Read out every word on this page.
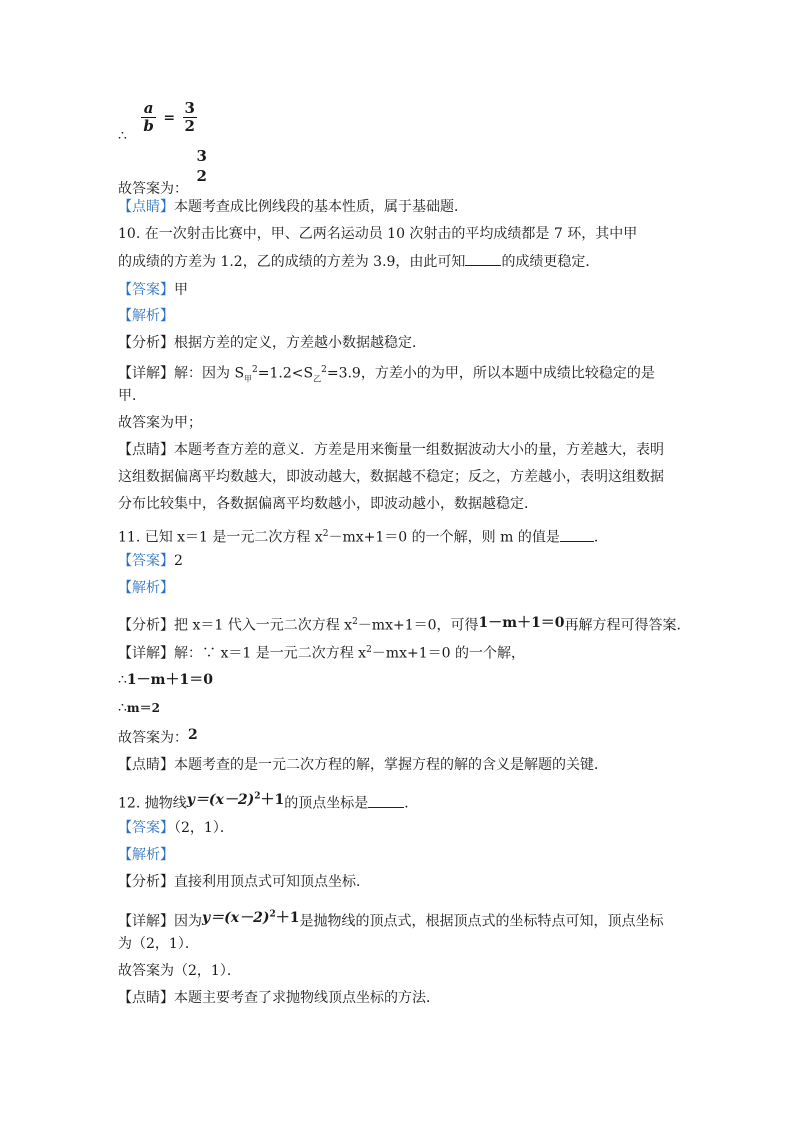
∴
$\frac{a}{b} = \frac{3}{2}$
故答案为：
3
2
【点睛】本题考查成比例线段的基本性质，属于基础题．
10. 在一次射击比赛中，甲、乙两名运动员 10 次射击的平均成绩都是 7 环，其中甲
的成绩的方差为 1.2，乙的成绩的方差为 3.9，由此可知	的成绩更稳定．
【答案】甲
【解析】
【分析】根据方差的定义，方差越小数据越稳定．
【详解】解：因为 $S_甲^2=1.2<S_乙^2=3.9$，方差小的为甲，所以本题中成绩比较稳定的是
甲．
故答案为甲；
【点睛】本题考查方差的意义．方差是用来衡量一组数据波动大小的量，方差越大，表明
这组数据偏离平均数越大，即波动越大，数据越不稳定；反之，方差越小，表明这组数据
分布比较集中，各数据偏离平均数越小，即波动越小，数据越稳定．
11. 已知 x＝1 是一元二次方程 $x^2-mx+1=0$ 的一个解，则 m 的值是 ．
【答案】2
【解析】
【分析】把 x＝1 代入一元二次方程 $x^2-mx+1=0$，可得1－m＋1＝0再解方程可得答案．
【详解】解：∵ x＝1 是一元二次方程 $x^2-mx+1=0$ 的一个解，
∴1－m＋1＝0
∴m＝2
故答案为：2
【点睛】本题考查的是一元二次方程的解，掌握方程的解的含义是解题的关键．
12. 抛物线$y=(x-2)^2+1$的顶点坐标是	．
【答案】（2，1）．
【解析】
【分析】直接利用顶点式可知顶点坐标．
【详解】因为$y=(x-2)^2+1$是抛物线的顶点式，根据顶点式的坐标特点可知，顶点坐标
为（2，1）．
故答案为（2，1）．
【点睛】本题主要考查了求抛物线顶点坐标的方法．
